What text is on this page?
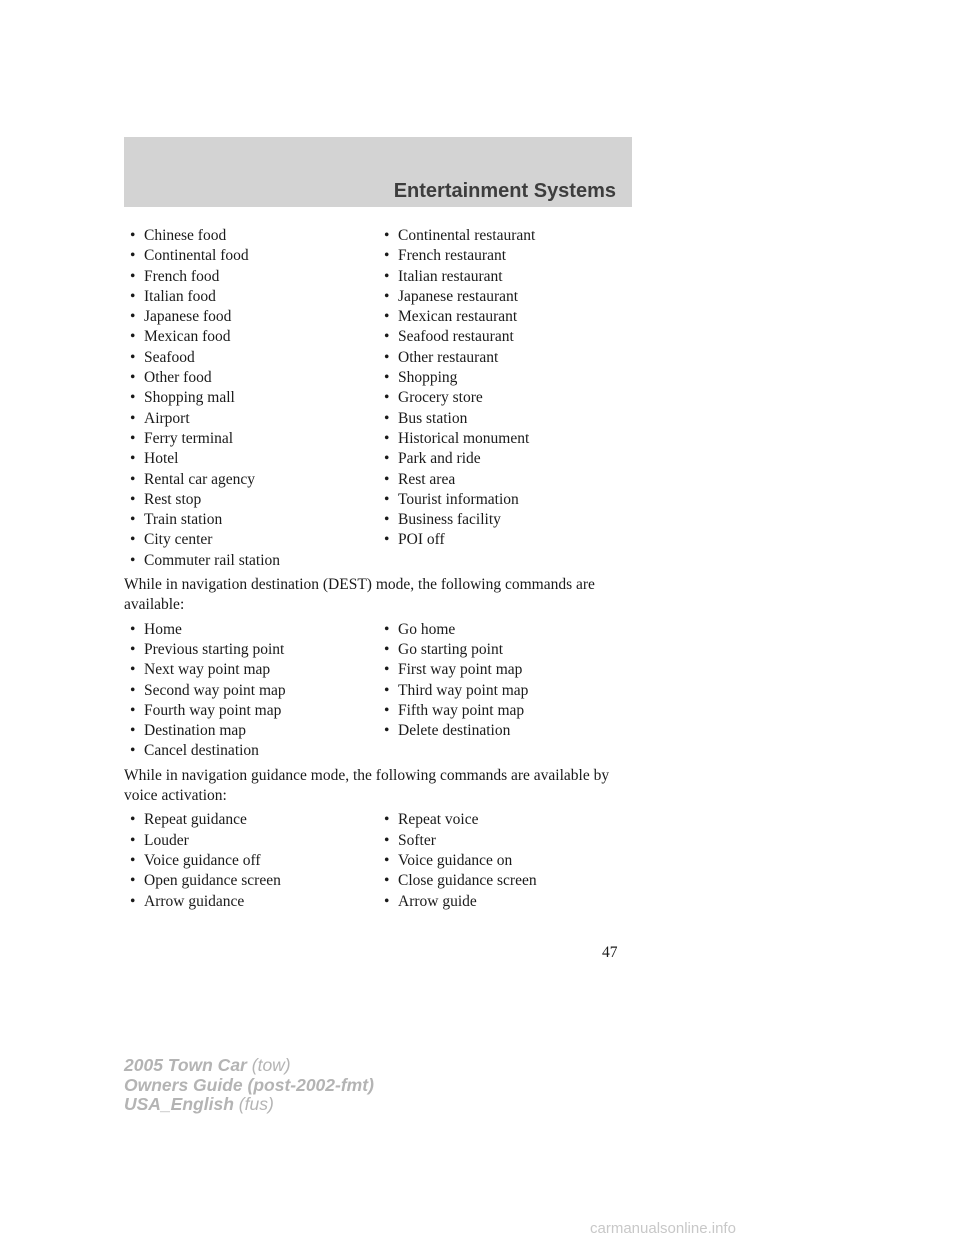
Entertainment Systems
• Chinese food	• Continental restaurant
• Continental food	• French restaurant
• French food	• Italian restaurant
• Italian food	• Japanese restaurant
• Japanese food	• Mexican restaurant
• Mexican food	• Seafood restaurant
• Seafood	• Other restaurant
• Other food	• Shopping
• Shopping mall	• Grocery store
• Airport	• Bus station
• Ferry terminal	• Historical monument
• Hotel	• Park and ride
• Rental car agency	• Rest area
• Rest stop	• Tourist information
• Train station	• Business facility
• City center	• POI off
• Commuter rail station

While in navigation destination (DEST) mode, the following commands are available:

• Home	• Go home
• Previous starting point	• Go starting point
• Next way point map	• First way point map
• Second way point map	• Third way point map
• Fourth way point map	• Fifth way point map
• Destination map	• Delete destination
• Cancel destination

While in navigation guidance mode, the following commands are available by voice activation:

• Repeat guidance	• Repeat voice
• Louder	• Softer
• Voice guidance off	• Voice guidance on
• Open guidance screen	• Close guidance screen
• Arrow guidance	• Arrow guide
47
2005 Town Car (tow)
Owners Guide (post-2002-fmt)
USA_English (fus)
carmanualsonline.info
